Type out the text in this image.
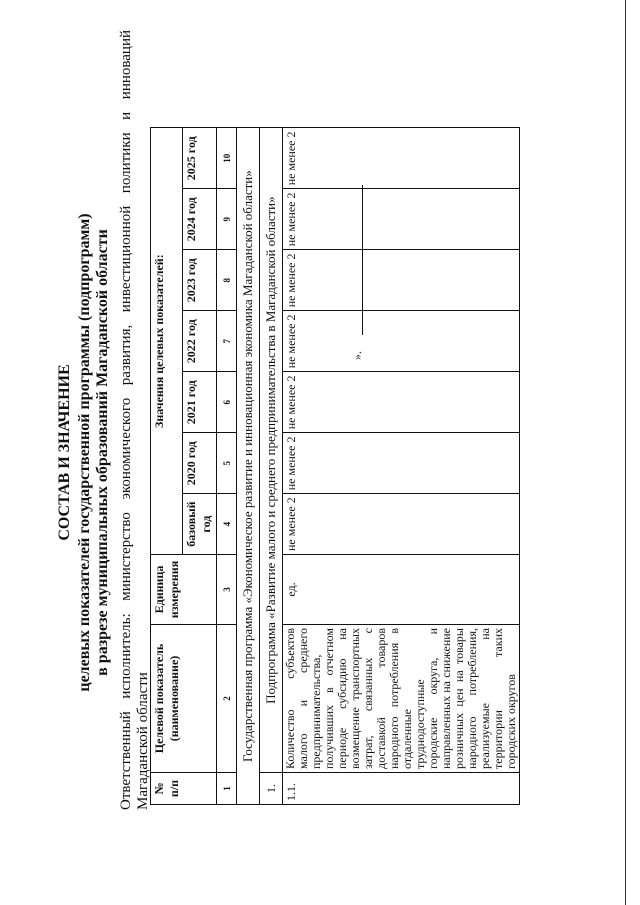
СОСТАВ И ЗНАЧЕНИЕ целевых показателей государственной программы (подпрограмм) в разрезе муниципальных образований Магаданской области Ответственный исполнитель: министерство экономического развития, инвестиционной политики и инноваций Магаданской области № п/п	Целевой показатель (наименование)	Единица измерения	Значения целевых показателей:						
			базовый год	2020 год	2021 год	2022 год	2023 год	2024 год	2025 год
1	2	3	4	5	6	7	8	9	10
Государственная программа «Экономическое развитие и инновационная экономика Магаданской области»									
1.	Подпрограмма «Развитие малого и среднего предпринимательства в Магаданской области»								
1.1.	Количество субъектов малого и среднего предпринимательства, получивших в отчетном периоде субсидию на возмещение транспортных затрат, связанных с доставкой товаров народного потребления в отдаленные труднодоступные городские округа, и направленных на снижение розничных цен на товары народного потребления, реализуемые на территории таких городских округов	ед.	не менее 2	не менее 2	не менее 2	не менее 2	не менее 2	не менее 2	не менее 2
».
